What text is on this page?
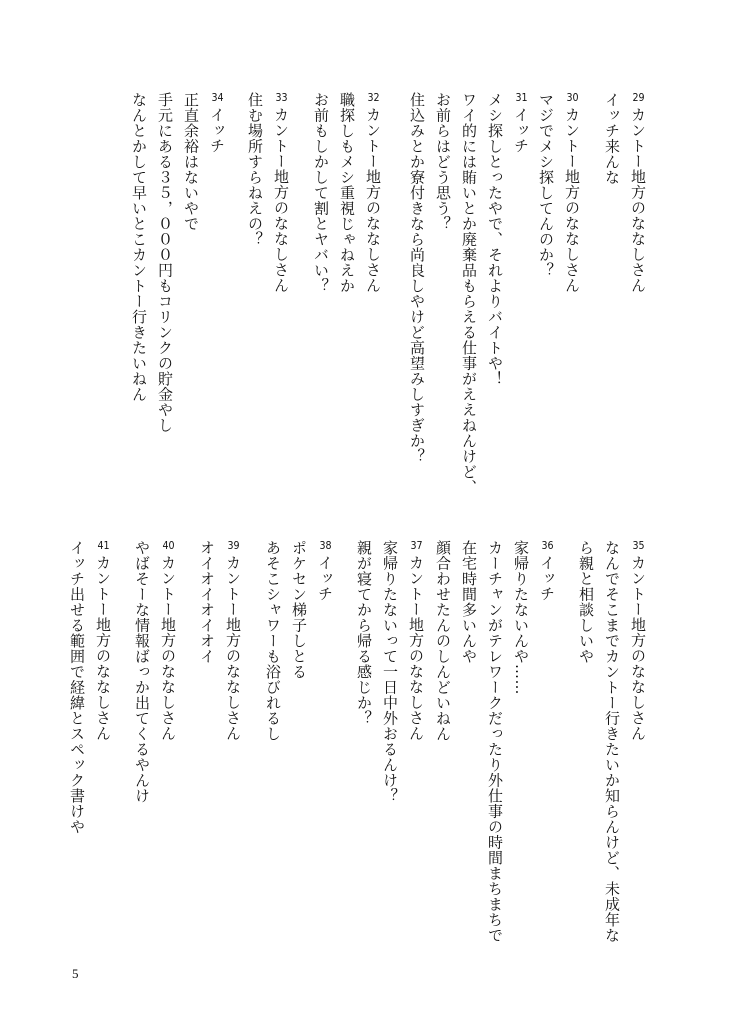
29カントー地方のななしさん
イッチ来んな
30カントー地方のななしさん
マジでメシ探してんのか？
31イッチ
メシ探しとったやで、それよりバイトや！
ワイ的には賄いとか廃棄品もらえる仕事がええねんけど、
お前らはどう思う？
住込みとか寮付きなら尚良しやけど高望みしすぎか？
32カントー地方のななしさん
職探しもメシ重視じゃねえか
お前もしかして割とヤバい？
33カントー地方のななしさん
住む場所すらねえの？
34イッチ
正直余裕はないやで
手元にある３５，０００円もコリンクの貯金やし
なんとかして早いとこカントー行きたいねん
35カントー地方のななしさん
なんでそこまでカントー行きたいか知らんけど、未成年な
ら親と相談しいや
36イッチ
家帰りたないんや……
カーチャンがテレワークだったり外仕事の時間まちまちで
在宅時間多いんや
顔合わせたんのしんどいねん
37カントー地方のななしさん
家帰りたないって一日中外おるんけ？
親が寝てから帰る感じか？
38イッチ
ポケセン梯子しとる
あそこシャワーも浴びれるし
39カントー地方のななしさん
オイオイオイオイ
40カントー地方のななしさん
やばそーな情報ばっか出てくるやんけ
41カントー地方のななしさん
イッチ出せる範囲で経緯とスペック書けや
5
